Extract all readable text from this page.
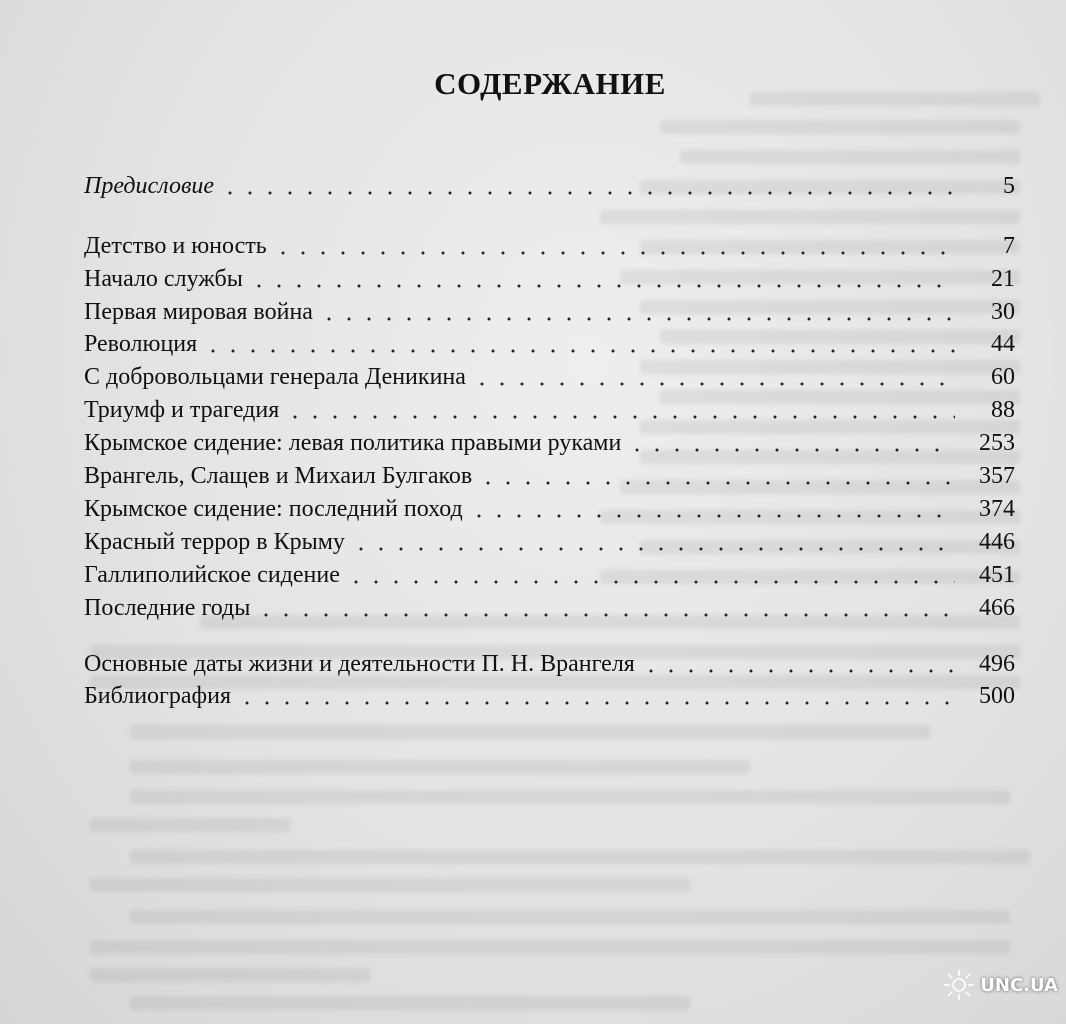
СОДЕРЖАНИЕ
Предисловие	5
Детство и юность	7
Начало службы	21
Первая мировая война	30
Революция	44
С добровольцами генерала Деникина	60
Триумф и трагедия	88
Крымское сидение: левая политика правыми руками	253
Врангель, Слащев и Михаил Булгаков	357
Крымское сидение: последний поход	374
Красный террор в Крыму	446
Галлиполийское сидение	451
Последние годы	466
Основные даты жизни и деятельности П. Н. Врангеля	496
Библиография	500
UNC.UA
